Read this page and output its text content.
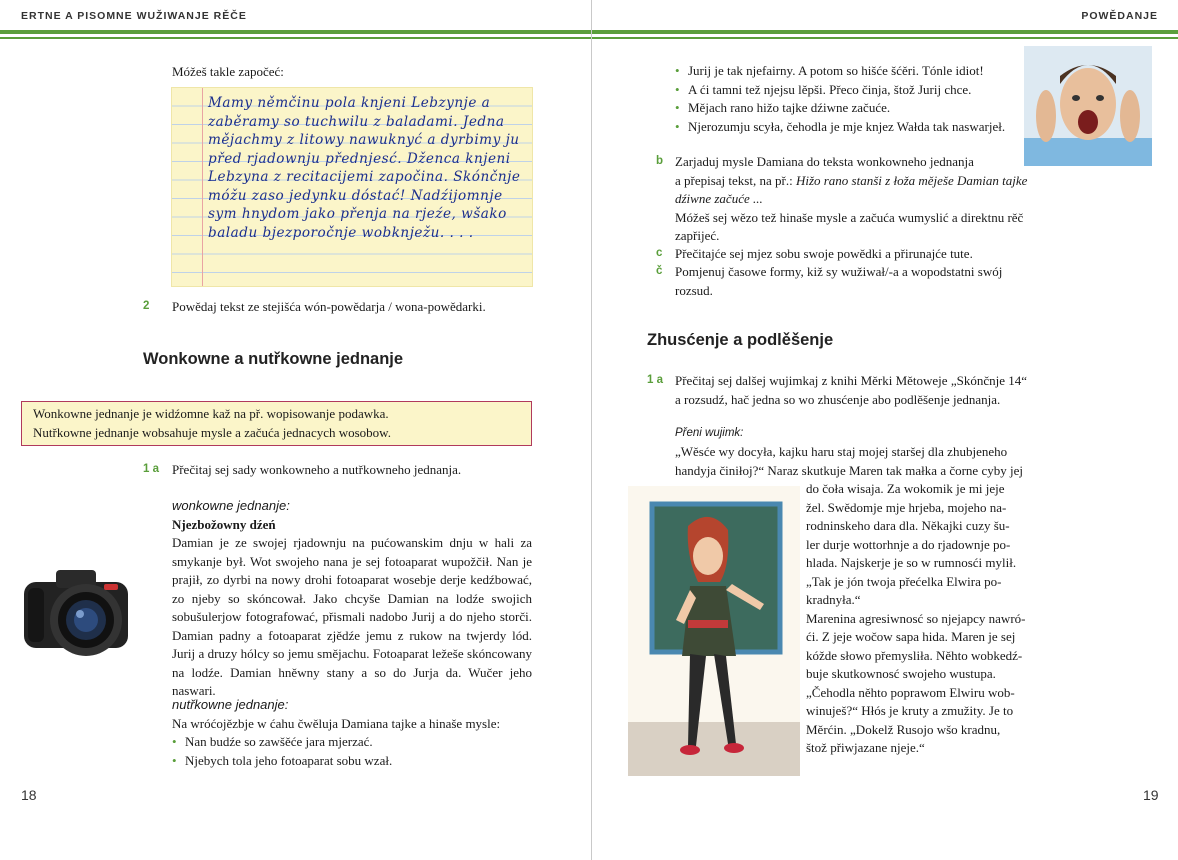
ERTNE A PISOMNE WUŽIWANJE RĚČE
Móžeš takle započeć:
Mamy němčinu pola knjeni Lebzynje a zaběramy so tuchwilu z baladami. Jedna mějachmy z litowy nawuknyć a dyrbimy ju před rjadownju přednjesć. Dženca knjeni Lebzyna z recitacijemi započina. Skónčnje móžu zaso jedynku dóstać! Nadźijomnje sym hnydom jako přenja na rjeźe, wšako baladu bjezporočnje wobknježu. . . .
2 Powědaj tekst ze stejišća wón-powědarja / wona-powědarki.
Wonkowne a nutřkowne jednanje

Wonkowne jednanje je widźomne kaž na př. wopisowanje podawka.

Nutřkowne jednanje wobsahuje mysle a začuća jednacych wosobow.

1 a Přečitaj sej sady wonkowneho a nutřkowneho jednanja.
wonkowne jednanje:
Njezbožowny dźeń
Damian je ze swojej rjadownju na pućowanskim dnju w hali za smykanje był. Wot swojeho nana je sej fotoaparat wupožčił. Nan je prajił, zo dyrbi na nowy drohi fotoaparat wosebje derje kedźbować, zo njeby so skóncował. Jako chcyše Damian na lodźe swojich sobušulerjow fotografować, přismali nadobo Jurij a do njeho storči. Damian padny a fotoaparat zjědźe jemu z rukow na twjerdy lód. Jurij a druzy hólcy so jemu smějachu. Fotoaparat ležeše skóncowany na lodźe. Damian hněwny stany a so do Jurja da. Wučer jeho naswari.
nutřkowne jednanje:
Na wróćojězbje w ćahu čwěluja Damiana tajke a hinaše mysle:
• Nan budźe so zawšěće jara mjerzać.
• Njebych tola jeho fotoaparat sobu wzał.
18
POWĚDANJE
• Jurij je tak njefairny. A potom so hišće šćěri. Tónle idiot!
• A ći tamni tež njejsu lěpši. Přeco činja, štož Jurij chce.
• Mějach rano hižo tajke dźiwne začuće.
• Njerozumju scyła, čehodla je mje knjez Wałda tak naswarjeł.
b Zarjaduj mysle Damiana do teksta wonkowneho jednanja
a přepisaj tekst, na př.: Hižo rano stanši z łoža měješe Damian tajke
dźiwne začuće ...
Móžeš sej wězo tež hinaše mysle a začuća wumyslić a direktnu rěč
zapřijeć.
c Přečitajće sej mjez sobu swoje powědki a přirunajće tute.
č Pomjenuj časowe formy, kiž sy wužiwał/-a a wopodstatni swój
rozsud.
Zhusćenje a podlěšenje
1 a Přečitaj sej dalšej wujimkaj z knihi Měrki Mětoweje „Skónčnje 14“
a rozsudź, hač jedna so wo zhusćenje abo podlěšenje jednanja.
Přeni wujimk:
„Wěsće wy docyła, kajku haru staj mojej staršej dla zhubjeneho
handyja činiłoj?“ Naraz skutkuje Maren tak małka a čorne cyby jej
do čoła wisaja. Za wokomik je mi jeje
žel. Swědomje mje hrjeba, mojeho na-
rodninskeho dara dla. Někajki cuzy šu-
ler durje wottorhnje a do rjadownje po-
hlada. Najskerje je so w rumnosći mylił.
„Tak je jón twoja přećelka Elwira po-
kradnyła.“
Marenina agresiwnosć so njejapcy nawró-
ći. Z jeje wočow sapa hida. Maren je sej
kóžde słowo přemysliła. Něhto wobkedź-
buje skutkownosć swojeho wustupa.
„Čehodla něhto poprawom Elwiru wob-
winuješ?“ Hłós je kruty a zmužity. Je to
Měrćin. „Dokelž Rusojo wšo kradnu,
štož přiwjazane njeje.“
19
